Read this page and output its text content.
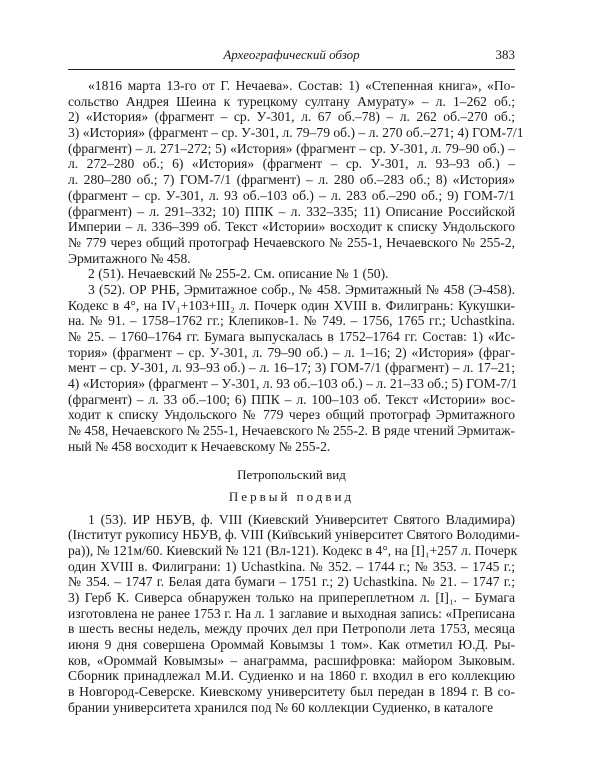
Археографический обзор	383
«1816 марта 13-го от Г. Нечаева». Состав: 1) «Степенная книга», «По-
сольство Андрея Шеина к турецкому султану Амурату» – л. 1–262 об.;
2) «История» (фрагмент – ср. У-301, л. 67 об.–78) – л. 262 об.–270 об.;
3) «История» (фрагмент – ср. У-301, л. 79–79 об.) – л. 270 об.–271; 4) ГОМ-7/1
(фрагмент) – л. 271–272; 5) «История» (фрагмент – ср. У-301, л. 79–90 об.) –
л. 272–280 об.; 6) «История» (фрагмент – ср. У-301, л. 93–93 об.) –
л. 280–280 об.; 7) ГОМ-7/1 (фрагмент) – л. 280 об.–283 об.; 8) «История»
(фрагмент – ср. У-301, л. 93 об.–103 об.) – л. 283 об.–290 об.; 9) ГОМ-7/1
(фрагмент) – л. 291–332; 10) ППК – л. 332–335; 11) Описание Российской
Империи – л. 336–399 об. Текст «Истории» восходит к списку Ундольского
№ 779 через общий протограф Нечаевского № 255-1, Нечаевского № 255-2,
Эрмитажного № 458.
2 (51). Нечаевский № 255-2. См. описание № 1 (50).
3 (52). ОР РНБ, Эрмитажное собр., № 458. Эрмитажный № 458 (Э-458).
Кодекс в 4°, на IV₁+103+III₂ л. Почерк один XVIII в. Филигрань: Кукушки-
на. № 91. – 1758–1762 гг.; Клепиков-1. № 749. – 1756, 1765 гг.; Uchastkina.
№ 25. – 1760–1764 гг. Бумага выпускалась в 1752–1764 гг. Состав: 1) «Ис-
тория» (фрагмент – ср. У-301, л. 79–90 об.) – л. 1–16; 2) «История» (фраг-
мент – ср. У-301, л. 93–93 об.) – л. 16–17; 3) ГОМ-7/1 (фрагмент) – л. 17–21;
4) «История» (фрагмент – У-301, л. 93 об.–103 об.) – л. 21–33 об.; 5) ГОМ-7/1
(фрагмент) – л. 33 об.–100; 6) ППК – л. 100–103 об. Текст «Истории» вос-
ходит к списку Ундольского № 779 через общий протограф Эрмитажного
№ 458, Нечаевского № 255-1, Нечаевского № 255-2. В ряде чтений Эрмитаж-
ный № 458 восходит к Нечаевскому № 255-2.
Петропольский вид
Первый подвид
1 (53). ИР НБУВ, ф. VIII (Киевский Университет Святого Владимира)
(Інститут рукопису НБУВ, ф. VIII (Київський університет Святого Володими-
ра)), № 121м/60. Киевский № 121 (Вл-121). Кодекс в 4°, на [I]₁+257 л. Почерк
один XVIII в. Филиграни: 1) Uchastkina. № 352. – 1744 г.; № 353. – 1745 г.;
№ 354. – 1747 г. Белая дата бумаги – 1751 г.; 2) Uchastkina. № 21. – 1747 г.;
3) Герб К. Сиверса обнаружен только на припереплетном л. [I]₁. – Бумага
изготовлена не ранее 1753 г. На л. 1 заглавие и выходная запись: «Преписана
в шесть весны недель, между прочих дел при Петрополи лета 1753, месяца
июня 9 дня совершена Ороммай Ковымзы 1 том». Как отметил Ю.Д. Ры-
ков, «Ороммай Ковымзы» – анаграмма, расшифровка: майором Зыковым.
Сборник принадлежал М.И. Судиенко и на 1860 г. входил в его коллекцию
в Новгород-Северске. Киевскому университету был передан в 1894 г. В со-
брании университета хранился под № 60 коллекции Судиенко, в каталоге
